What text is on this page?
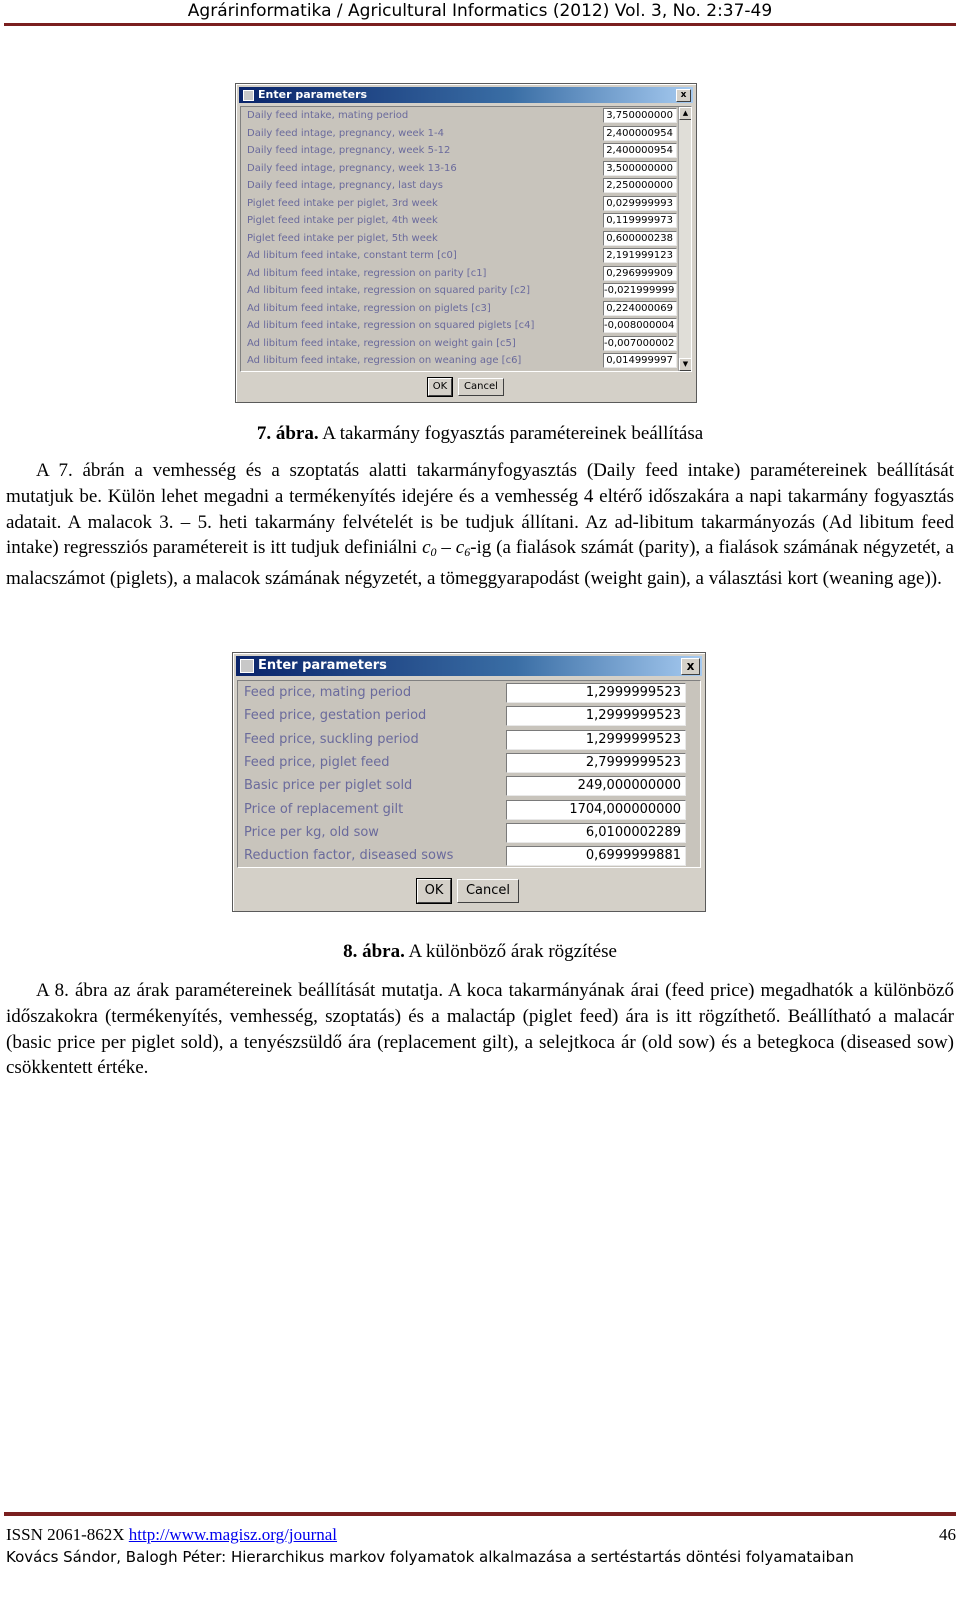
Agrárinformatika / Agricultural Informatics (2012) Vol. 3, No. 2:37-49
Enter parameters	x
Daily feed intake, mating period	3,750000000
Daily feed intage, pregnancy, week 1-4	2,400000954
Daily feed intage, pregnancy, week 5-12	2,400000954
Daily feed intage, pregnancy, week 13-16	3,500000000
Daily feed intage, pregnancy, last days	2,250000000
Piglet feed intake per piglet, 3rd week	0,029999993
Piglet feed intake per piglet, 4th week	0,119999973
Piglet feed intake per piglet, 5th week	0,600000238
Ad libitum feed intake, constant term [c0]	2,191999123
Ad libitum feed intake, regression on parity [c1]	0,296999909
Ad libitum feed intake, regression on squared parity [c2]	-0,021999999
Ad libitum feed intake, regression on piglets [c3]	0,224000069
Ad libitum feed intake, regression on squared piglets [c4]	-0,008000004
Ad libitum feed intake, regression on weight gain [c5]	-0,007000002
Ad libitum feed intake, regression on weaning age [c6]	0,014999997
▲
▼
OK	Cancel
7. ábra. A takarmány fogyasztás paramétereinek beállítása
A 7. ábrán a vemhesség és a szoptatás alatti takarmányfogyasztás (Daily feed intake) paramétereinek beállítását mutatjuk be. Külön lehet megadni a termékenyítés idejére és a vemhesség 4 eltérő időszakára a napi takarmány fogyasztás adatait. A malacok 3. – 5. heti takarmány felvételét is be tudjuk állítani. Az ad-libitum takarmányozás (Ad libitum feed intake) regressziós paramétereit is itt tudjuk definiálni $c_0 - c_6-ig$ (a fialások számát (parity), a fialások számának négyzetét, a malacszámot (piglets), a malacok számának négyzetét, a tömeggyarapodást (weight gain), a választási kort (weaning age)).
Enter parameters	x
Feed price, mating period	1,2999999523
Feed price, gestation period	1,2999999523
Feed price, suckling period	1,2999999523
Feed price, piglet feed	2,7999999523
Basic price per piglet sold	249,000000000
Price of replacement gilt	1704,000000000
Price per kg, old sow	6,0100002289
Reduction factor, diseased sows	0,6999999881
OK	Cancel
8. ábra. A különböző árak rögzítése
A 8. ábra az árak paramétereinek beállítását mutatja. A koca takarmányának árai (feed price) megadhatók a különböző időszakokra (termékenyítés, vemhesség, szoptatás) és a malactáp (piglet feed) ára is itt rögzíthető. Beállítható a malacár (basic price per piglet sold), a tenyészsüldő ára (replacement gilt), a selejtkoca ár (old sow) és a betegkoca (diseased sow) csökkentett értéke.
ISSN 2061-862X http://www.magisz.org/journal	46
Kovács Sándor, Balogh Péter: Hierarchikus markov folyamatok alkalmazása a sertéstartás döntési folyamataiban
